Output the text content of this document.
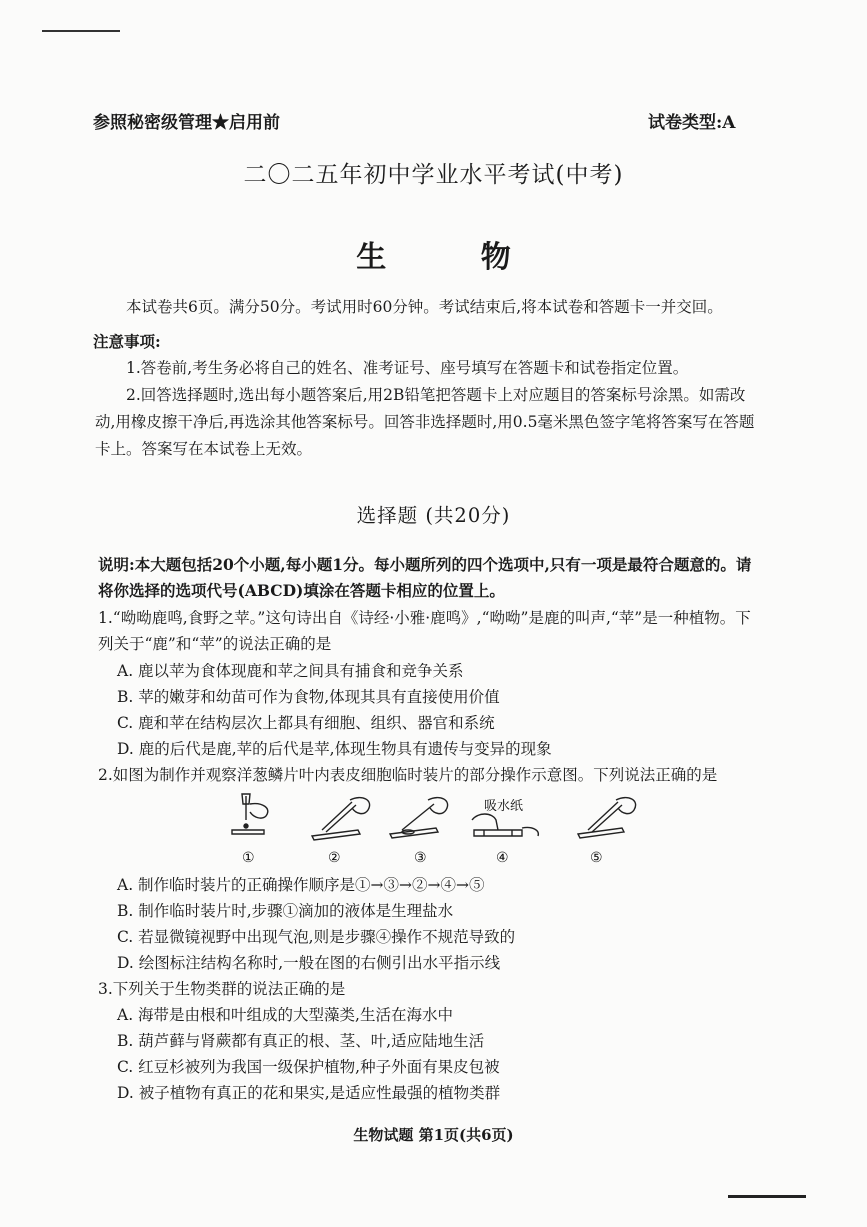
参照秘密级管理★启用前	试卷类型:A
二〇二五年初中学业水平考试(中考)
生 物
本试卷共6页。满分50分。考试用时60分钟。考试结束后,将本试卷和答题卡一并交回。
注意事项:
1.答卷前,考生务必将自己的姓名、准考证号、座号填写在答题卡和试卷指定位置。
2.回答选择题时,选出每小题答案后,用2B铅笔把答题卡上对应题目的答案标号涂黑。如需改动,用橡皮擦干净后,再选涂其他答案标号。回答非选择题时,用0.5毫米黑色签字笔将答案写在答题卡上。答案写在本试卷上无效。
选择题 (共20分)
说明:本大题包括20个小题,每小题1分。每小题所列的四个选项中,只有一项是最符合题意的。请将你选择的选项代号(ABCD)填涂在答题卡相应的位置上。
1.“呦呦鹿鸣,食野之苹。”这句诗出自《诗经·小雅·鹿鸣》,“呦呦”是鹿的叫声,“苹”是一种植物。下列关于“鹿”和“苹”的说法正确的是
A. 鹿以苹为食体现鹿和苹之间具有捕食和竞争关系
B. 苹的嫩芽和幼苗可作为食物,体现其具有直接使用价值
C. 鹿和苹在结构层次上都具有细胞、组织、器官和系统
D. 鹿的后代是鹿,苹的后代是苹,体现生物具有遗传与变异的现象
2.如图为制作并观察洋葱鳞片叶内表皮细胞临时装片的部分操作示意图。下列说法正确的是
吸水纸
①	②	③	④	⑤
A. 制作临时装片的正确操作顺序是①→③→②→④→⑤
B. 制作临时装片时,步骤①滴加的液体是生理盐水
C. 若显微镜视野中出现气泡,则是步骤④操作不规范导致的
D. 绘图标注结构名称时,一般在图的右侧引出水平指示线
3.下列关于生物类群的说法正确的是
A. 海带是由根和叶组成的大型藻类,生活在海水中
B. 葫芦藓与肾蕨都有真正的根、茎、叶,适应陆地生活
C. 红豆杉被列为我国一级保护植物,种子外面有果皮包被
D. 被子植物有真正的花和果实,是适应性最强的植物类群
生物试题 第1页(共6页)
